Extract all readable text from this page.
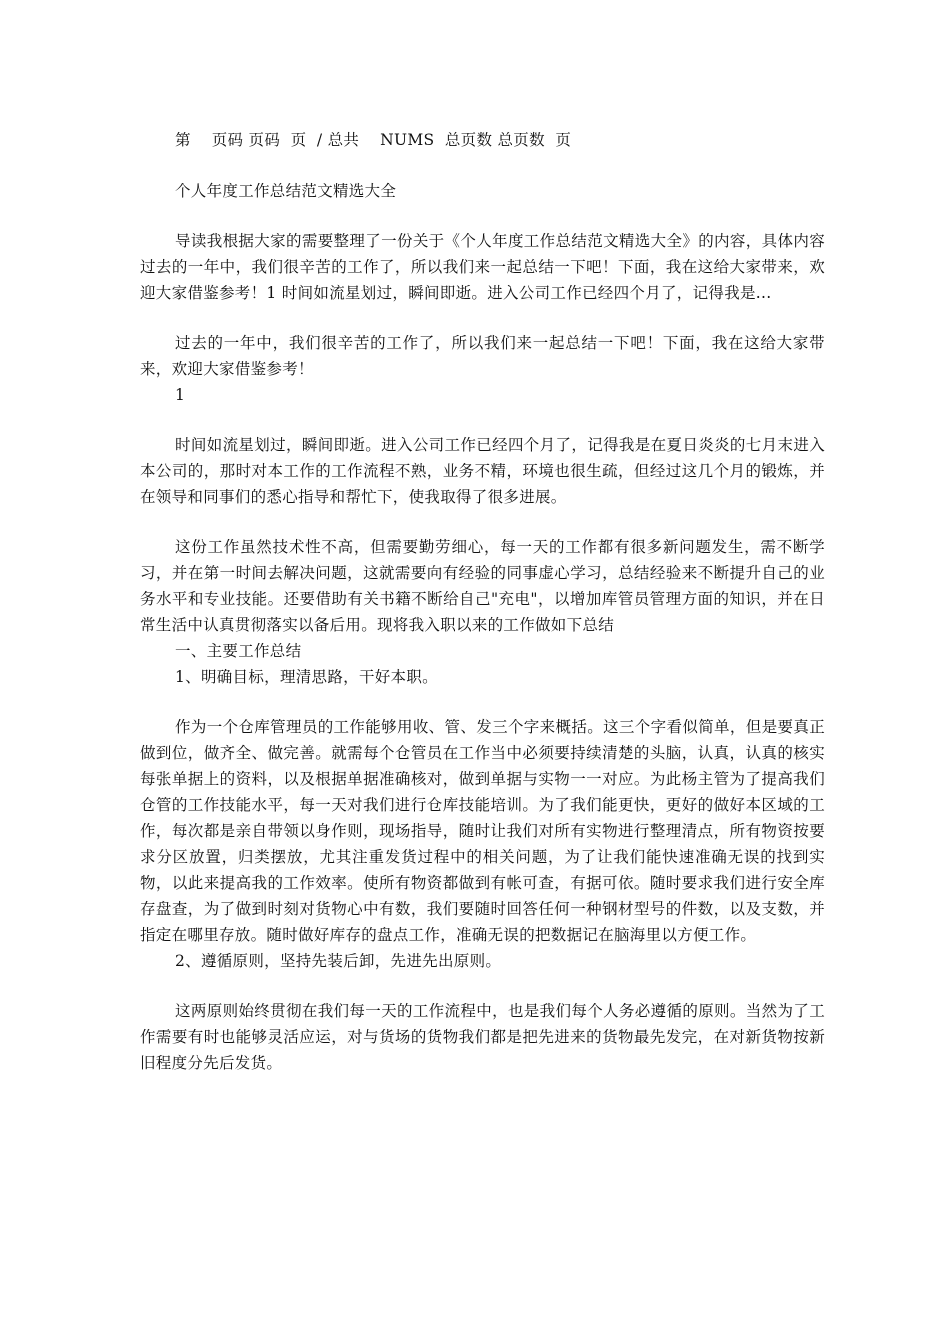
第    页码 页码  页  / 总共    NUMS  总页数 总页数  页

个人年度工作总结范文精选大全

导读我根据大家的需要整理了一份关于《个人年度工作总结范文精选大全》的内容，具体内容过去的一年中，我们很辛苦的工作了，所以我们来一起总结一下吧！下面，我在这给大家带来，欢迎大家借鉴参考！1 时间如流星划过，瞬间即逝。进入公司工作已经四个月了，记得我是...

过去的一年中，我们很辛苦的工作了，所以我们来一起总结一下吧！下面，我在这给大家带来，欢迎大家借鉴参考！

1

时间如流星划过，瞬间即逝。进入公司工作已经四个月了，记得我是在夏日炎炎的七月末进入本公司的，那时对本工作的工作流程不熟，业务不精，环境也很生疏，但经过这几个月的锻炼，并在领导和同事们的悉心指导和帮忙下，使我取得了很多进展。

这份工作虽然技术性不高，但需要勤劳细心，每一天的工作都有很多新问题发生，需不断学习，并在第一时间去解决问题，这就需要向有经验的同事虚心学习，总结经验来不断提升自己的业务水平和专业技能。还要借助有关书籍不断给自己"充电"，以增加库管员管理方面的知识，并在日常生活中认真贯彻落实以备后用。现将我入职以来的工作做如下总结

一、主要工作总结

1、明确目标，理清思路，干好本职。

作为一个仓库管理员的工作能够用收、管、发三个字来概括。这三个字看似简单，但是要真正做到位，做齐全、做完善。就需每个仓管员在工作当中必须要持续清楚的头脑，认真，认真的核实每张单据上的资料，以及根据单据准确核对，做到单据与实物一一对应。为此杨主管为了提高我们仓管的工作技能水平，每一天对我们进行仓库技能培训。为了我们能更快，更好的做好本区域的工作，每次都是亲自带领以身作则，现场指导，随时让我们对所有实物进行整理清点，所有物资按要求分区放置，归类摆放，尤其注重发货过程中的相关问题，为了让我们能快速准确无误的找到实物，以此来提高我的工作效率。使所有物资都做到有帐可查，有据可依。随时要求我们进行安全库存盘查，为了做到时刻对货物心中有数，我们要随时回答任何一种钢材型号的件数，以及支数，并指定在哪里存放。随时做好库存的盘点工作，准确无误的把数据记在脑海里以方便工作。

2、遵循原则，坚持先装后卸，先进先出原则。

这两原则始终贯彻在我们每一天的工作流程中，也是我们每个人务必遵循的原则。当然为了工作需要有时也能够灵活应运，对与货场的货物我们都是把先进来的货物最先发完，在对新货物按新旧程度分先后发货。
